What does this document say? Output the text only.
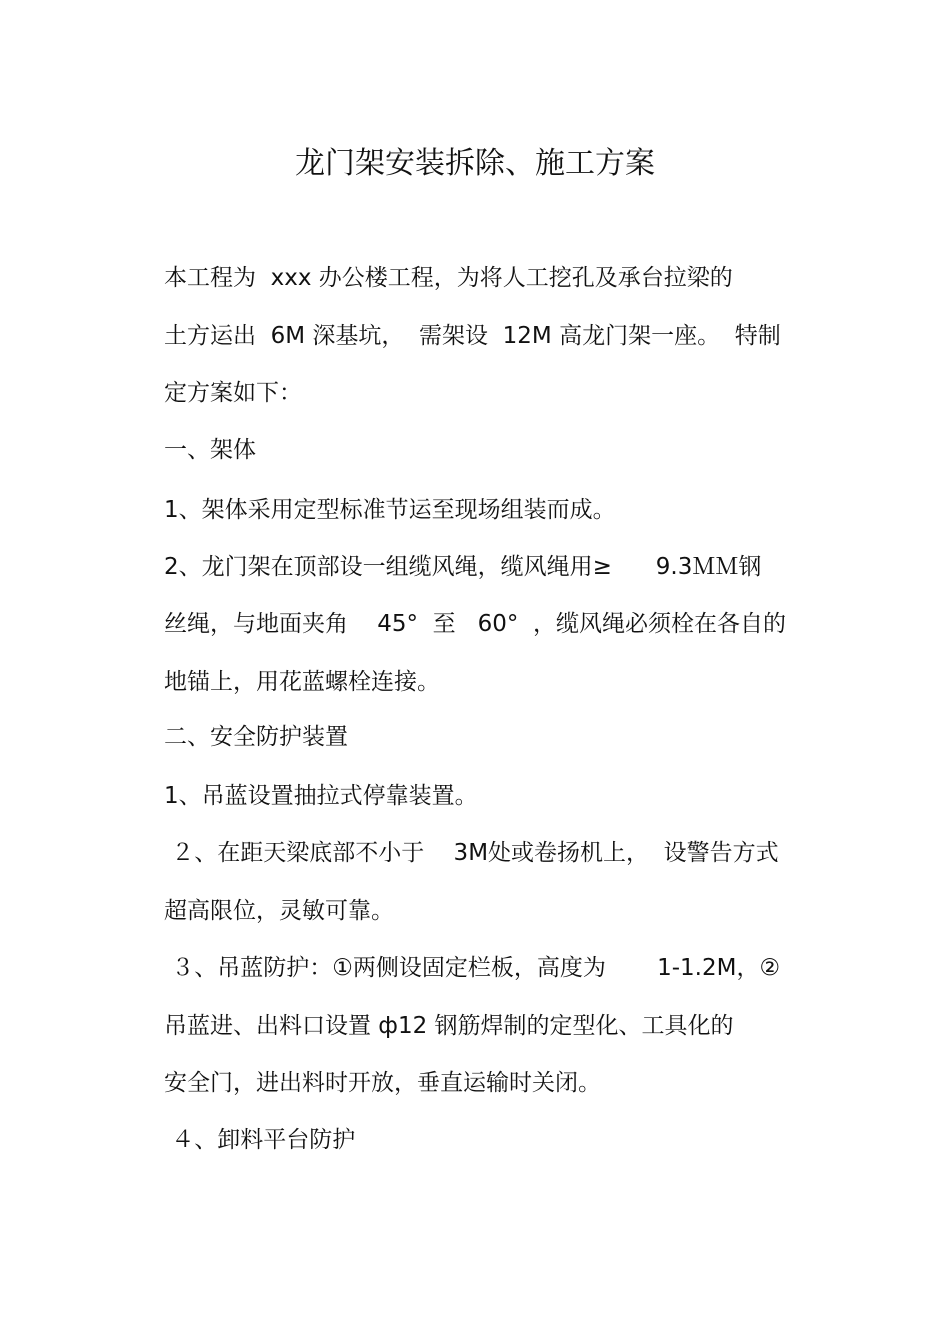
龙门架安装拆除、施工方案
本工程为  xxx 办公楼工程，为将人工挖孔及承台拉梁的
土方运出  6M 深基坑，  需架设  12M 高龙门架一座。  特制
定方案如下：
一、架体
1、架体采用定型标准节运至现场组装而成。
2、龙门架在顶部设一组缆风绳，缆风绳用≥      9.3ＭＭ钢
丝绳，与地面夹角    45°  至   60°  ，缆风绳必须栓在各自的
地锚上，用花蓝螺栓连接。
二、安全防护装置
1、吊蓝设置抽拉式停靠装置。
２、在距天梁底部不小于    3M处或卷扬机上，  设警告方式
超高限位，灵敏可靠。
３、吊蓝防护：①两侧设固定栏板，高度为       1-1.2M，②
吊蓝进、出料口设置 ф12 钢筋焊制的定型化、工具化的
安全门，进出料时开放，垂直运输时关闭。
４、卸料平台防护
